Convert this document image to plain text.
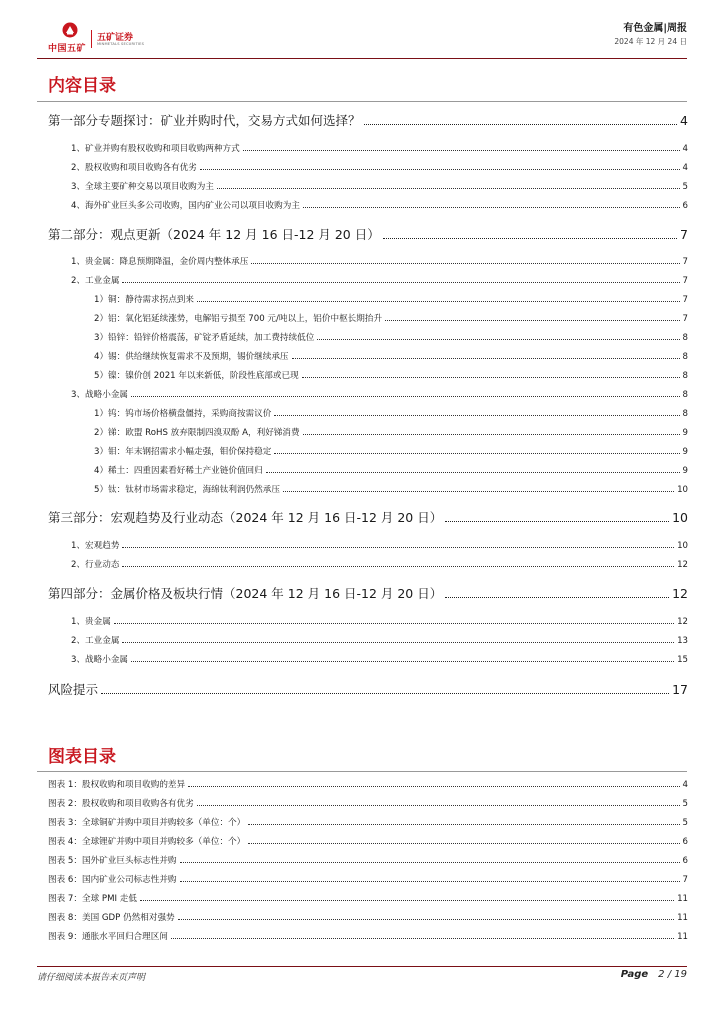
中国五矿
五矿证券
MINMETALS SECURITIES
有色金属|周报
2024 年 12 月 24 日
内容目录
第一部分专题探讨：矿业并购时代，交易方式如何选择？	4
1、矿业并购有股权收购和项目收购两种方式	4
2、股权收购和项目收购各有优劣	4
3、全球主要矿种交易以项目收购为主	5
4、海外矿业巨头多公司收购，国内矿业公司以项目收购为主	6
第二部分：观点更新（2024 年 12 月 16 日-12 月 20 日）	7
1、贵金属：降息预期降温，金价周内整体承压	7
2、工业金属	7
1）铜：静待需求拐点到来	7
2）铝：氧化铝延续涨势，电解铝亏损至 700 元/吨以上，铝价中枢长期抬升	7
3）铅锌：铅锌价格震荡，矿锭矛盾延续，加工费持续低位	8
4）锡：供给继续恢复需求不及预期，锡价继续承压	8
5）镍：镍价创 2021 年以来新低，阶段性底部或已现	8
3、战略小金属	8
1）钨：钨市场价格横盘僵持，采购商按需议价	8
2）锑：欧盟 RoHS 放弃限制四溴双酚 A，利好锑消费	9
3）钼：年末钢招需求小幅走强，钼价保持稳定	9
4）稀土：四重因素看好稀土产业链价值回归	9
5）钛：钛材市场需求稳定，海绵钛利润仍然承压	10
第三部分：宏观趋势及行业动态（2024 年 12 月 16 日-12 月 20 日）	10
1、宏观趋势	10
2、行业动态	12
第四部分：金属价格及板块行情（2024 年 12 月 16 日-12 月 20 日）	12
1、贵金属	12
2、工业金属	13
3、战略小金属	15
风险提示	17
图表目录
图表 1：股权收购和项目收购的差异	4
图表 2：股权收购和项目收购各有优劣	5
图表 3：全球铜矿并购中项目并购较多（单位：个）	5
图表 4：全球锂矿并购中项目并购较多（单位：个）	6
图表 5：国外矿业巨头标志性并购	6
图表 6：国内矿业公司标志性并购	7
图表 7：全球 PMI 走低	11
图表 8：美国 GDP 仍然相对强势	11
图表 9：通胀水平回归合理区间	11
请仔细阅读本报告末页声明	Page 2 / 19
